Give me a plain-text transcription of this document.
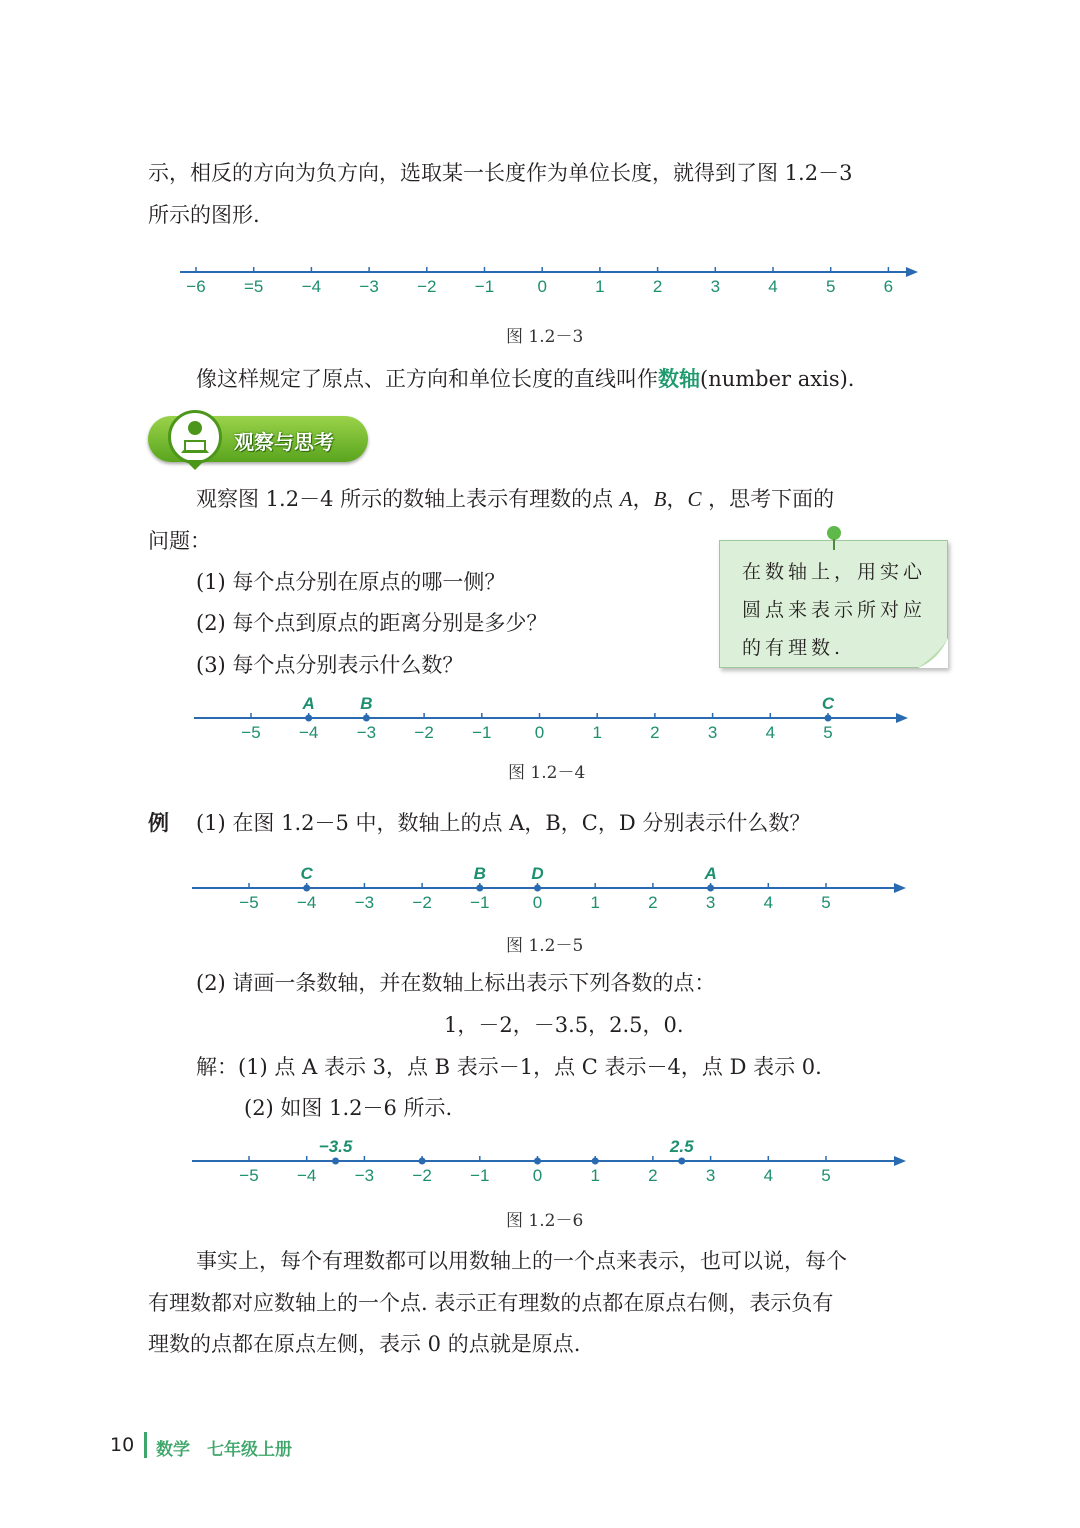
示，相反的方向为负方向，选取某一长度作为单位长度，就得到了图 1.2－3

所示的图形.

−6 =5 −4 −3 −2 −1	0	1	2	3	4	5	6
图 1.2－3

像这样规定了原点、正方向和单位长度的直线叫作数轴(number axis).

观察与思考

观察图 1.2－4 所示的数轴上表示有理数的点 A，B，C ，思考下面的

问题：

(1) 每个点分别在原点的哪一侧？

(2) 每个点到原点的距离分别是多少？

(3) 每个点分别表示什么数？

在数轴上，用实心圆点来表示所对应的有理数.
−5 −4 −3 −2 −1	0	1	2	3	4	5
A	B	C
图 1.2－4

例 (1) 在图 1.2－5 中，数轴上的点 A，B，C，D 分别表示什么数？

−5 −4 −3 −2 −1	0	1	2	3	4	5
C	B	D	A
图 1.2－5

(2) 请画一条数轴，并在数轴上标出表示下列各数的点：

1，－2，－3.5，2.5，0.

解：(1) 点 A 表示 3，点 B 表示－1，点 C 表示－4，点 D 表示 0.

(2) 如图 1.2－6 所示.

−5 −4 −3 −2 −1	0	1	2	3	4	5
−3.5	2.5
图 1.2－6

事实上，每个有理数都可以用数轴上的一个点来表示，也可以说，每个

有理数都对应数轴上的一个点. 表示正有理数的点都在原点右侧，表示负有

理数的点都在原点左侧，表示 0 的点就是原点.

10 数学　七年级上册
